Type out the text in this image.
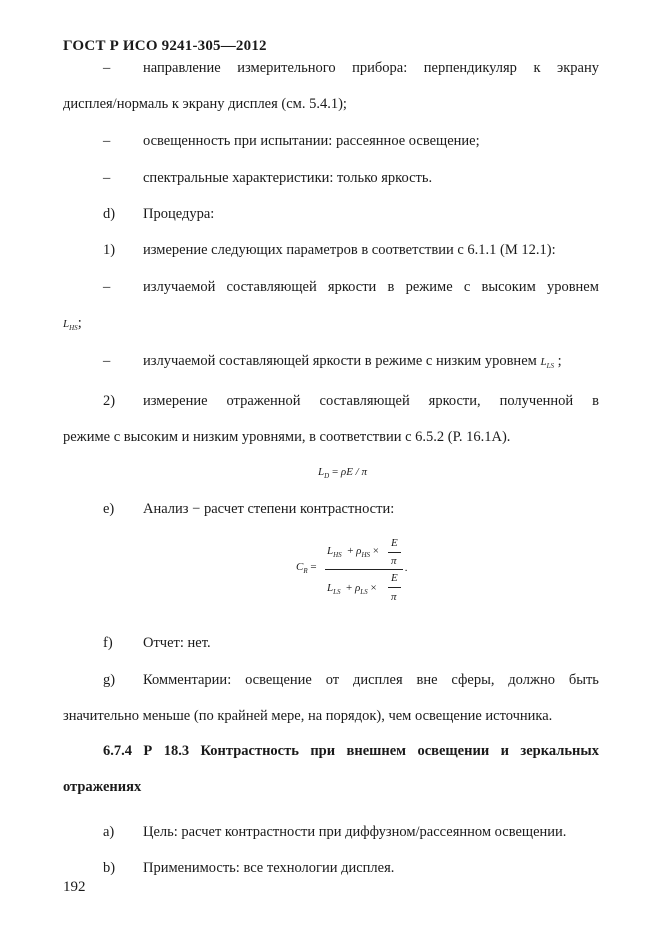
ГОСТ Р ИСО 9241-305—2012
– направление измерительного прибора: перпендикуляр к экрану
дисплея/нормаль к экрану дисплея (см. 5.4.1);
– освещенность при испытании: рассеянное освещение;
– спектральные характеристики: только яркость.
d) Процедура:
1) измерение следующих параметров в соответствии с 6.1.1 (М 12.1):
– излучаемой составляющей яркости в режиме с высоким уровнем
$L_{HS}$;
– излучаемой составляющей яркости в режиме с низким уровнем $L_{LS}$ ;
2) измерение отраженной составляющей яркости, полученной в
режиме с высоким и низким уровнями, в соответствии с 6.5.2 (Р. 16.1А).
$L_D = \rho E / \pi$
e) Анализ − расчет степени контрастности:
$C_R$ =
$L_{HS} + \rho_{HS}$ ×
E
π
.
$L_{LS} + \rho_{LS}$ ×
E
π
f) Отчет: нет.
g) Комментарии: освещение от дисплея вне сферы, должно быть
значительно меньше (по крайней мере, на порядок), чем освещение источника.
6.7.4 Р 18.3 Контрастность при внешнем освещении и зеркальных
отражениях
а) Цель: расчет контрастности при диффузном/рассеянном освещении.
b) Применимость: все технологии дисплея.
192
